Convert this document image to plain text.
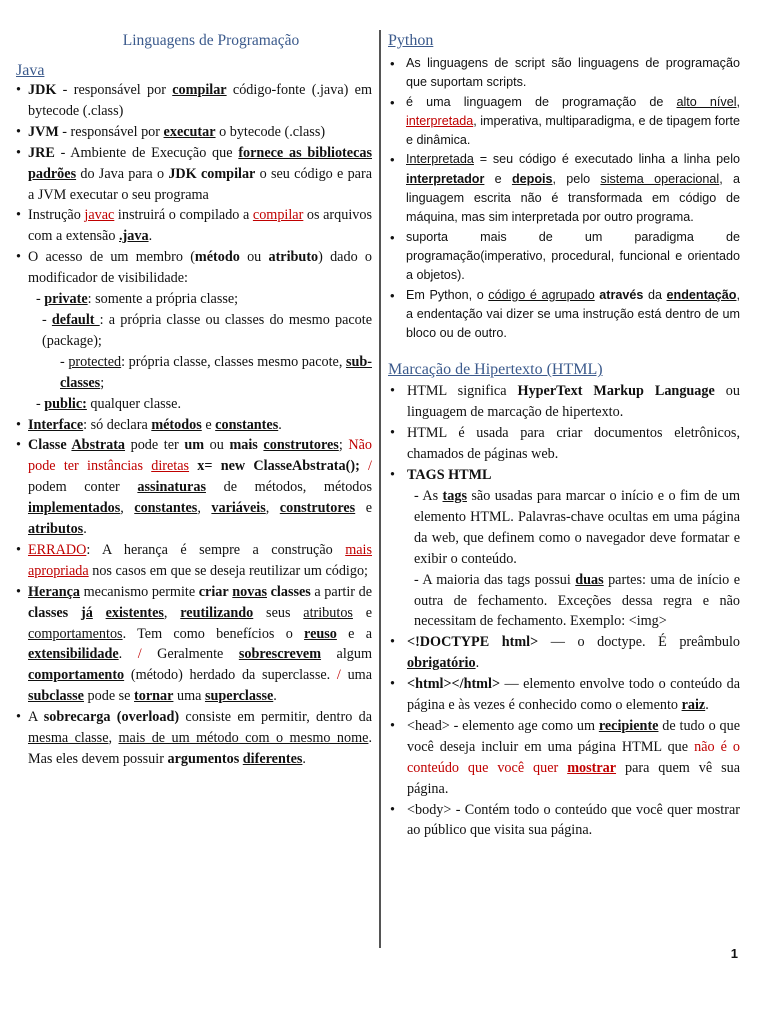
Linguagens de Programação
Java
• JDK - responsável por compilar código-fonte (.java) em bytecode (.class)
• JVM - responsável por executar o bytecode (.class)
• JRE - Ambiente de Execução que fornece as bibliotecas padrões do Java para o JDK compilar o seu código e para a JVM executar o seu programa
• Instrução javac instruirá o compilado a compilar os arquivos com a extensão .java.
• O acesso de um membro (método ou atributo) dado o modificador de visibilidade:
- private: somente a própria classe;
- default : a própria classe ou classes do mesmo pacote (package);
- protected: própria classe, classes mesmo pacote, sub-classes;
- public: qualquer classe.
• Interface: só declara métodos e constantes.
• Classe Abstrata pode ter um ou mais construtores; Não pode ter instâncias diretas x= new ClasseAbstrata(); / podem conter assinaturas de métodos, métodos implementados, constantes, variáveis, construtores e atributos.
• ERRADO: A herança é sempre a construção mais apropriada nos casos em que se deseja reutilizar um código;
• Herança mecanismo permite criar novas classes a partir de classes já existentes, reutilizando seus atributos e comportamentos. Tem como benefícios o reuso e a extensibilidade. / Geralmente sobrescrevem algum comportamento (método) herdado da superclasse. / uma subclasse pode se tornar uma superclasse.
• A sobrecarga (overload) consiste em permitir, dentro da mesma classe, mais de um método com o mesmo nome. Mas eles devem possuir argumentos diferentes.
Python
• As linguagens de script são linguagens de programação que suportam scripts.
• é uma linguagem de programação de alto nível, interpretada, imperativa, multiparadigma, e de tipagem forte e dinâmica.
• Interpretada = seu código é executado linha a linha pelo interpretador e depois, pelo sistema operacional, a linguagem escrita não é transformada em código de máquina, mas sim interpretada por outro programa.
• suporta mais de um paradigma de programação(imperativo, procedural, funcional e orientado a objetos).
• Em Python, o código é agrupado através da endentação, a endentação vai dizer se uma instrução está dentro de um bloco ou de outro.
Marcação de Hipertexto (HTML)
• HTML significa HyperText Markup Language ou linguagem de marcação de hipertexto.
• HTML é usada para criar documentos eletrônicos, chamados de páginas web.
• TAGS HTML
- As tags são usadas para marcar o início e o fim de um elemento HTML. Palavras-chave ocultas em uma página da web, que definem como o navegador deve formatar e exibir o conteúdo.
- A maioria das tags possui duas partes: uma de início e outra de fechamento. Exceções dessa regra e não necessitam de fechamento. Exemplo: <img>
• <!DOCTYPE html> — o doctype. É preâmbulo obrigatório.
• <html></html> — elemento envolve todo o conteúdo da página e às vezes é conhecido como o elemento raiz.
• <head> - elemento age como um recipiente de tudo o que você deseja incluir em uma página HTML que não é o conteúdo que você quer mostrar para quem vê sua página.
• <body> - Contém todo o conteúdo que você quer mostrar ao público que visita sua página.
1
